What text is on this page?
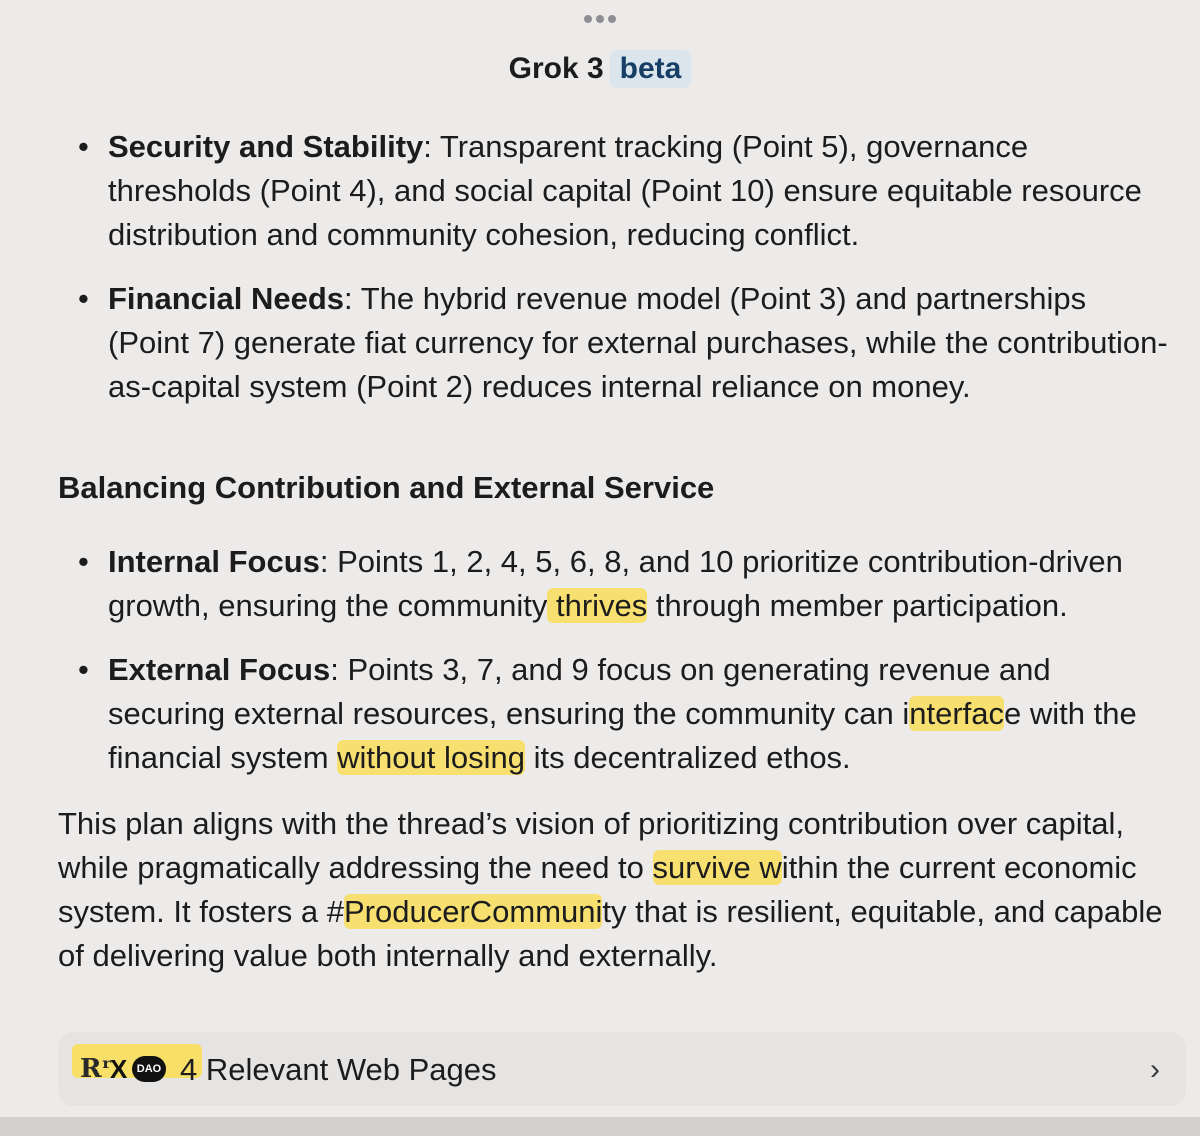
Grok 3 beta
• Security and Stability: Transparent tracking (Point 5), governance thresholds (Point 4), and social capital (Point 10) ensure equitable resource distribution and community cohesion, reducing conflict.
• Financial Needs: The hybrid revenue model (Point 3) and partnerships (Point 7) generate fiat currency for external purchases, while the contribution-as-capital system (Point 2) reduces internal reliance on money.
Balancing Contribution and External Service
• Internal Focus: Points 1, 2, 4, 5, 6, 8, and 10 prioritize contribution-driven growth, ensuring the community thrives through member participation.
• External Focus: Points 3, 7, and 9 focus on generating revenue and securing external resources, ensuring the community can interface with the financial system without losing its decentralized ethos.

This plan aligns with the thread’s vision of prioritizing contribution over capital, while pragmatically addressing the need to survive within the current economic system. It fosters a #ProducerCommunity that is resilient, equitable, and capable of delivering value both internally and externally.

Rʳ
X DAO 4 Relevant Web Pages	›
